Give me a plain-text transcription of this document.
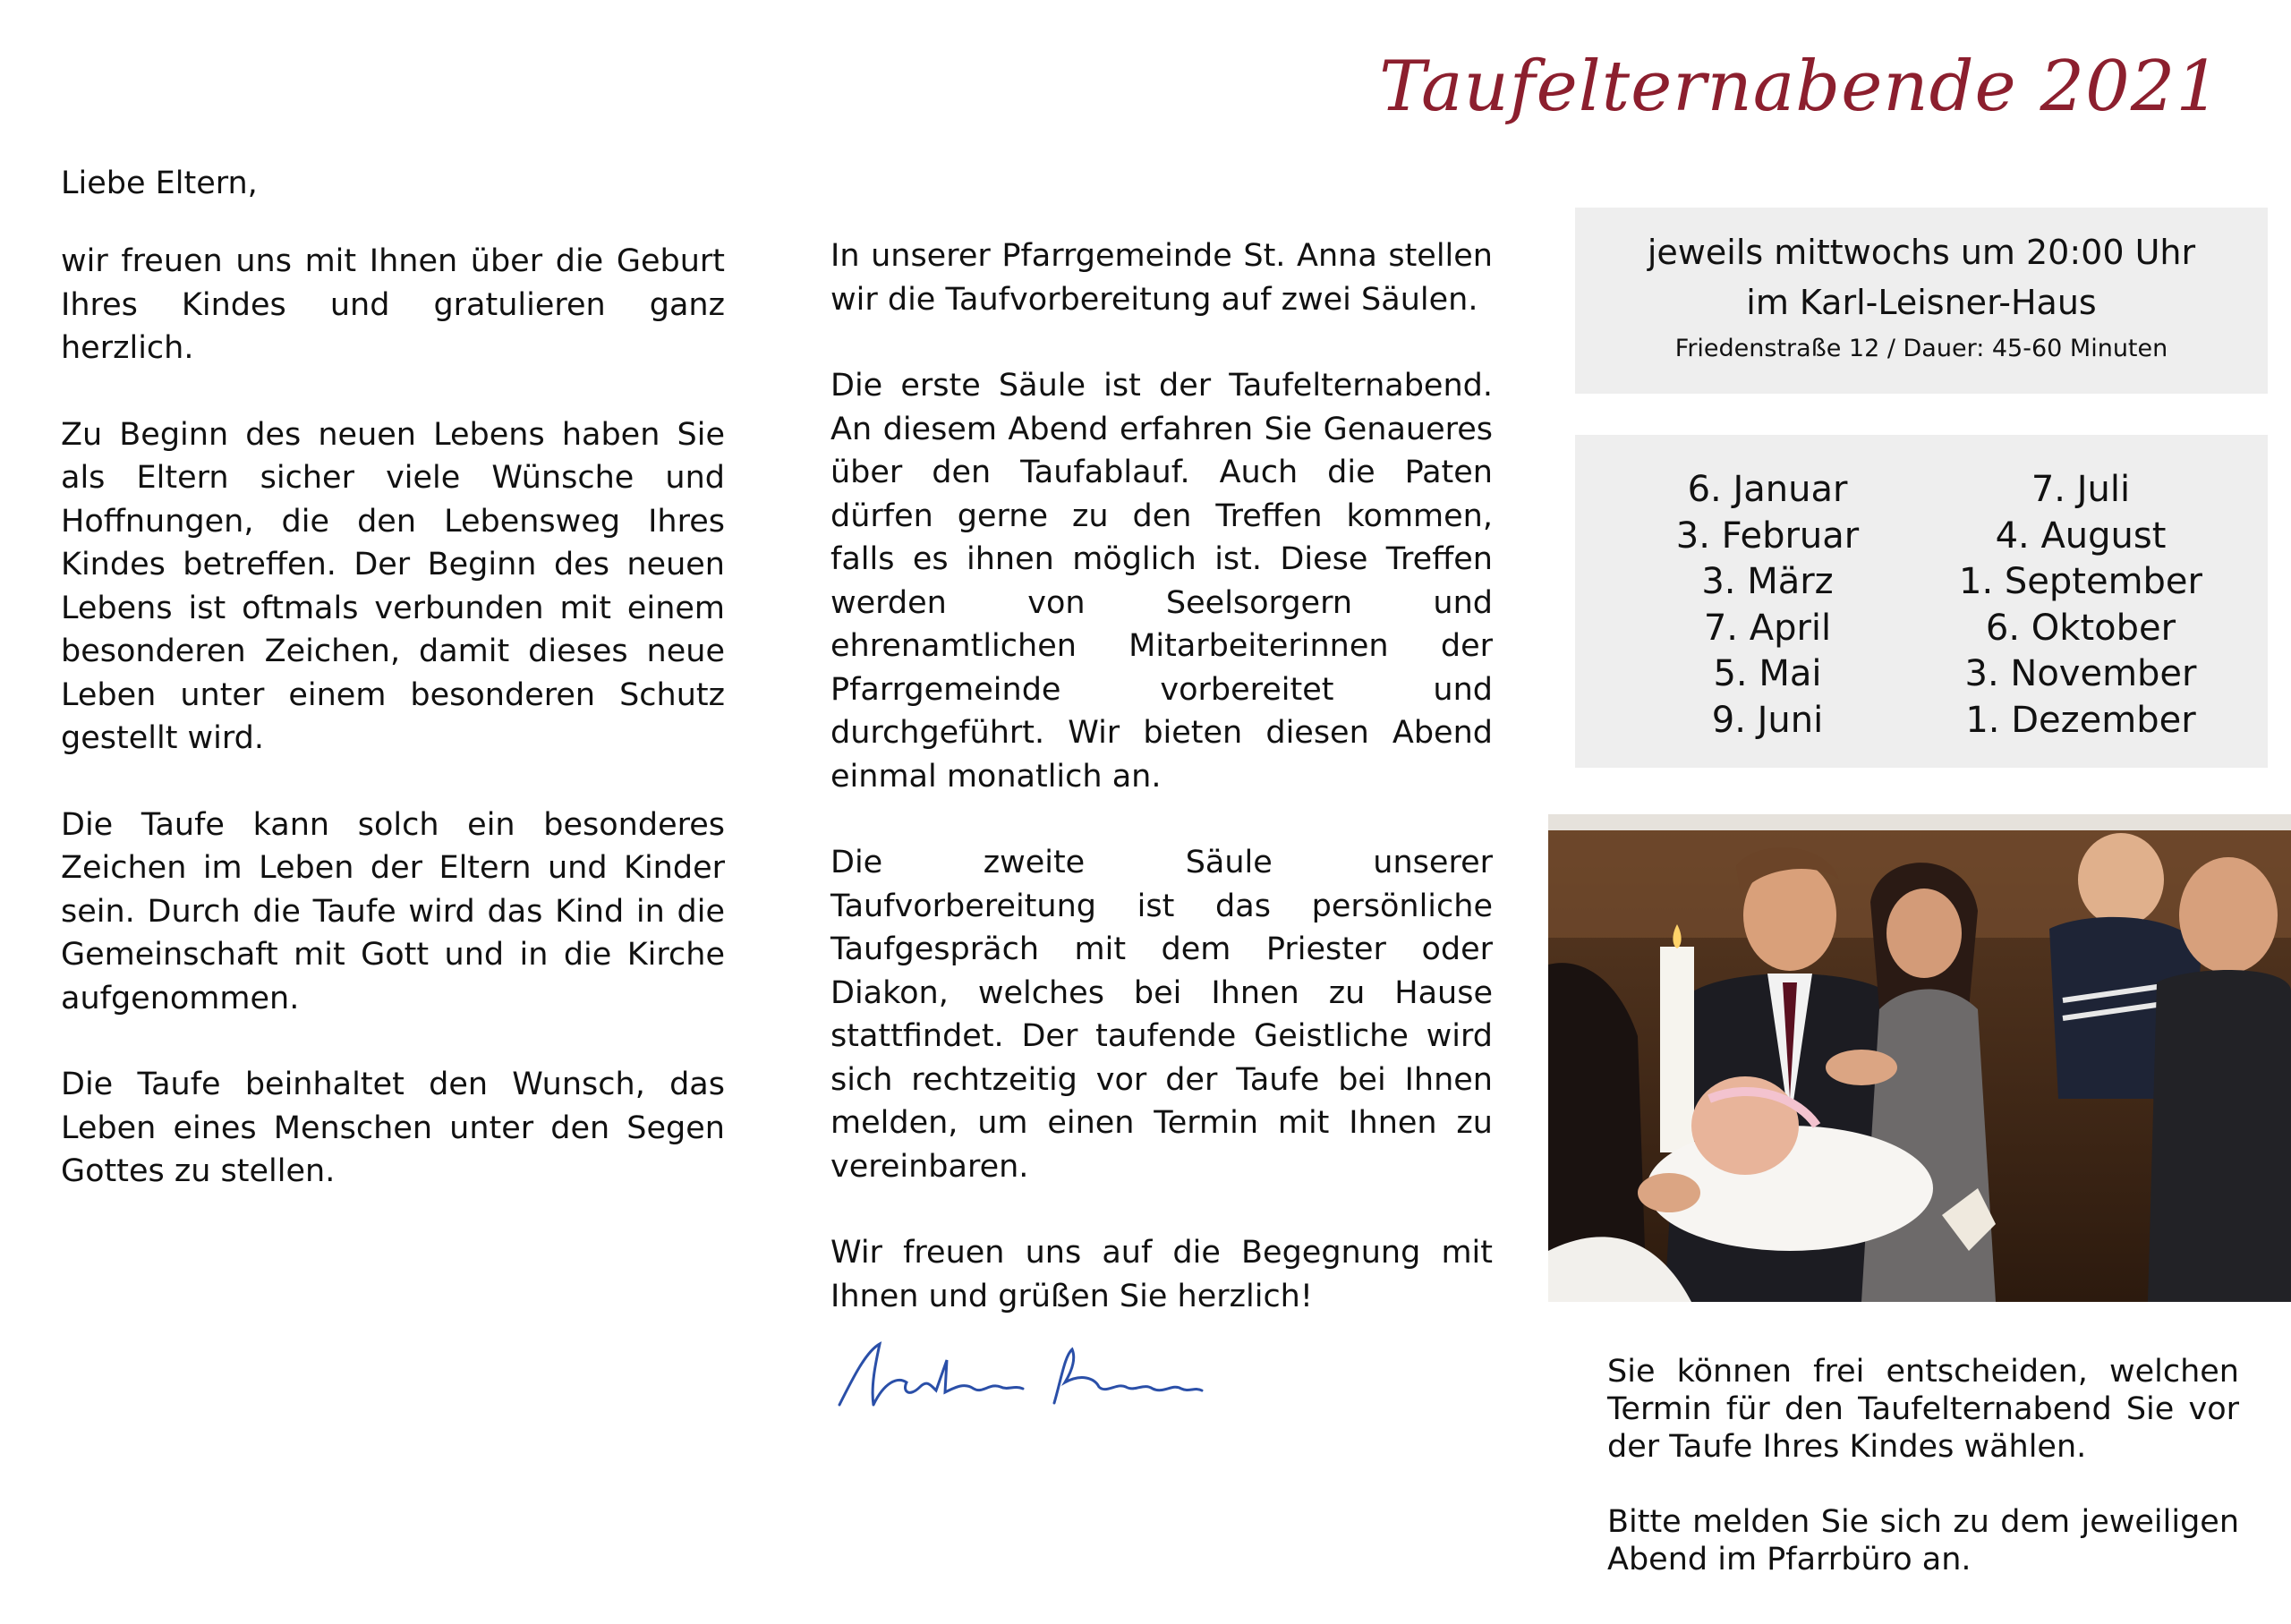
Taufelternabende 2021
Liebe Eltern,

wir freuen uns mit Ihnen über die Geburt Ihres Kindes und gratulieren ganz herzlich.

Zu Beginn des neuen Lebens haben Sie als Eltern sicher viele Wünsche und Hoffnungen, die den Lebensweg Ihres Kindes betreffen. Der Beginn des neuen Lebens ist oftmals verbunden mit einem besonderen Zeichen, damit dieses neue Leben unter einem besonderen Schutz gestellt wird.

Die Taufe kann solch ein besonderes Zeichen im Leben der Eltern und Kinder sein. Durch die Taufe wird das Kind in die Gemeinschaft mit Gott und in die Kirche aufgenommen.

Die Taufe beinhaltet den Wunsch, das Leben eines Menschen unter den Segen Gottes zu stellen.

In unserer Pfarrgemeinde St. Anna stellen wir die Taufvorbereitung auf zwei Säulen.

Die erste Säule ist der Taufelternabend. An diesem Abend erfahren Sie Genaueres über den Taufablauf. Auch die Paten dürfen gerne zu den Treffen kommen, falls es ihnen möglich ist. Diese Treffen werden von Seelsorgern und ehrenamtlichen Mitarbeiterinnen der Pfarrgemeinde vorbereitet und durchgeführt. Wir bieten diesen Abend einmal monatlich an.

Die zweite Säule unserer Taufvorbereitung ist das persönliche Taufgespräch mit dem Priester oder Diakon, welches bei Ihnen zu Hause stattfindet. Der taufende Geistliche wird sich rechtzeitig vor der Taufe bei Ihnen melden, um einen Termin mit Ihnen zu vereinbaren.

Wir freuen uns auf die Begegnung mit Ihnen und grüßen Sie herzlich!

jeweils mittwochs um 20:00 Uhr
im Karl-Leisner-Haus
Friedenstraße 12 / Dauer: 45-60 Minuten
6. Januar
3. Februar
3. März
7. April
5. Mai
9. Juni
7. Juli
4. August
1. September
6. Oktober
3. November
1. Dezember

Sie können frei entscheiden, welchen Termin für den Taufelternabend Sie vor der Taufe Ihres Kindes wählen.

Bitte melden Sie sich zu dem jeweiligen Abend im Pfarrbüro an.
